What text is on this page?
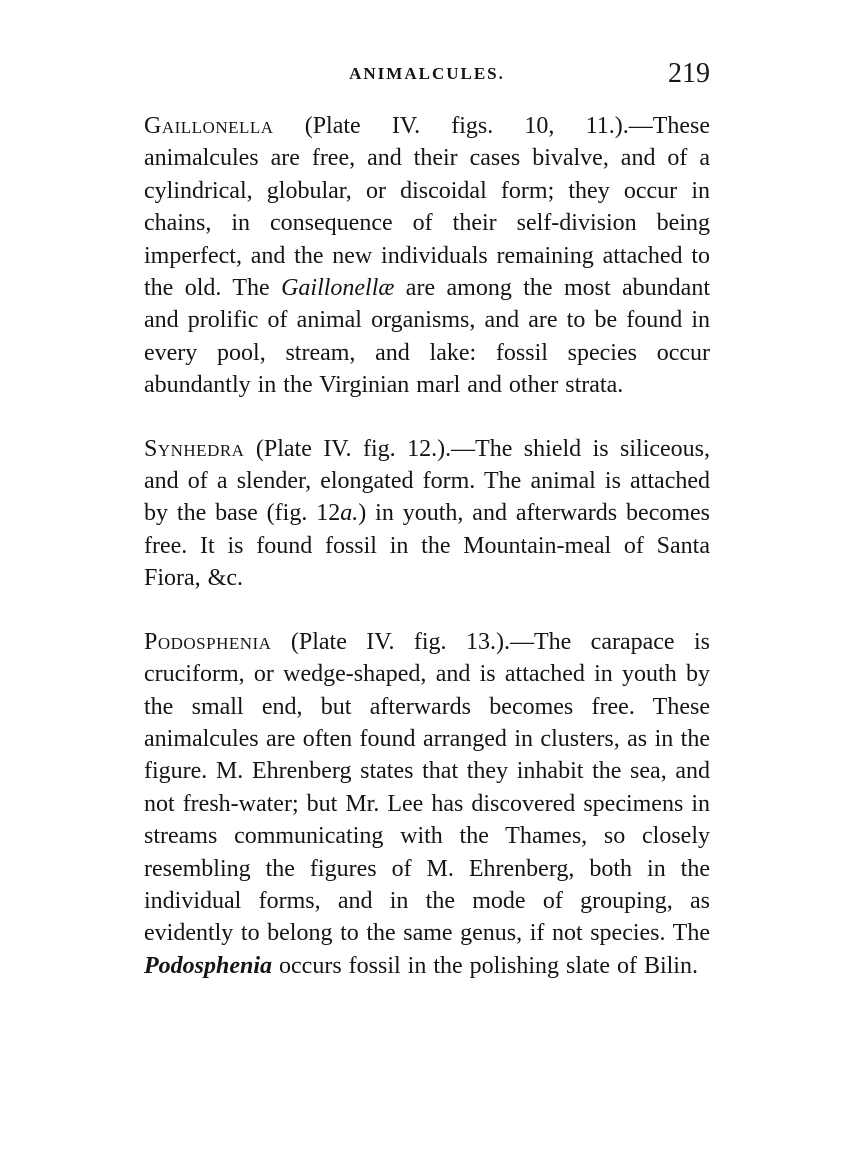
ANIMALCULES.	219

Gaillonella (Plate IV. figs. 10, 11.).—These animalcules are free, and their cases bivalve, and of a cylindrical, globular, or discoidal form; they occur in chains, in consequence of their self-division being imperfect, and the new individuals remaining attached to the old. The Gaillonellæ are among the most abundant and prolific of animal organisms, and are to be found in every pool, stream, and lake: fossil species occur abundantly in the Virginian marl and other strata.

Synhedra (Plate IV. fig. 12.).—The shield is siliceous, and of a slender, elongated form. The animal is attached by the base (fig. 12a.) in youth, and afterwards becomes free. It is found fossil in the Mountain-meal of Santa Fiora, &c.

Podosphenia (Plate IV. fig. 13.).—The carapace is cruciform, or wedge-shaped, and is attached in youth by the small end, but afterwards becomes free. These animalcules are often found arranged in clusters, as in the figure. M. Ehrenberg states that they inhabit the sea, and not fresh-water; but Mr. Lee has discovered specimens in streams communicating with the Thames, so closely resembling the figures of M. Ehrenberg, both in the individual forms, and in the mode of grouping, as evidently to belong to the same genus, if not species. The Podosphenia occurs fossil in the polishing slate of Bilin.
